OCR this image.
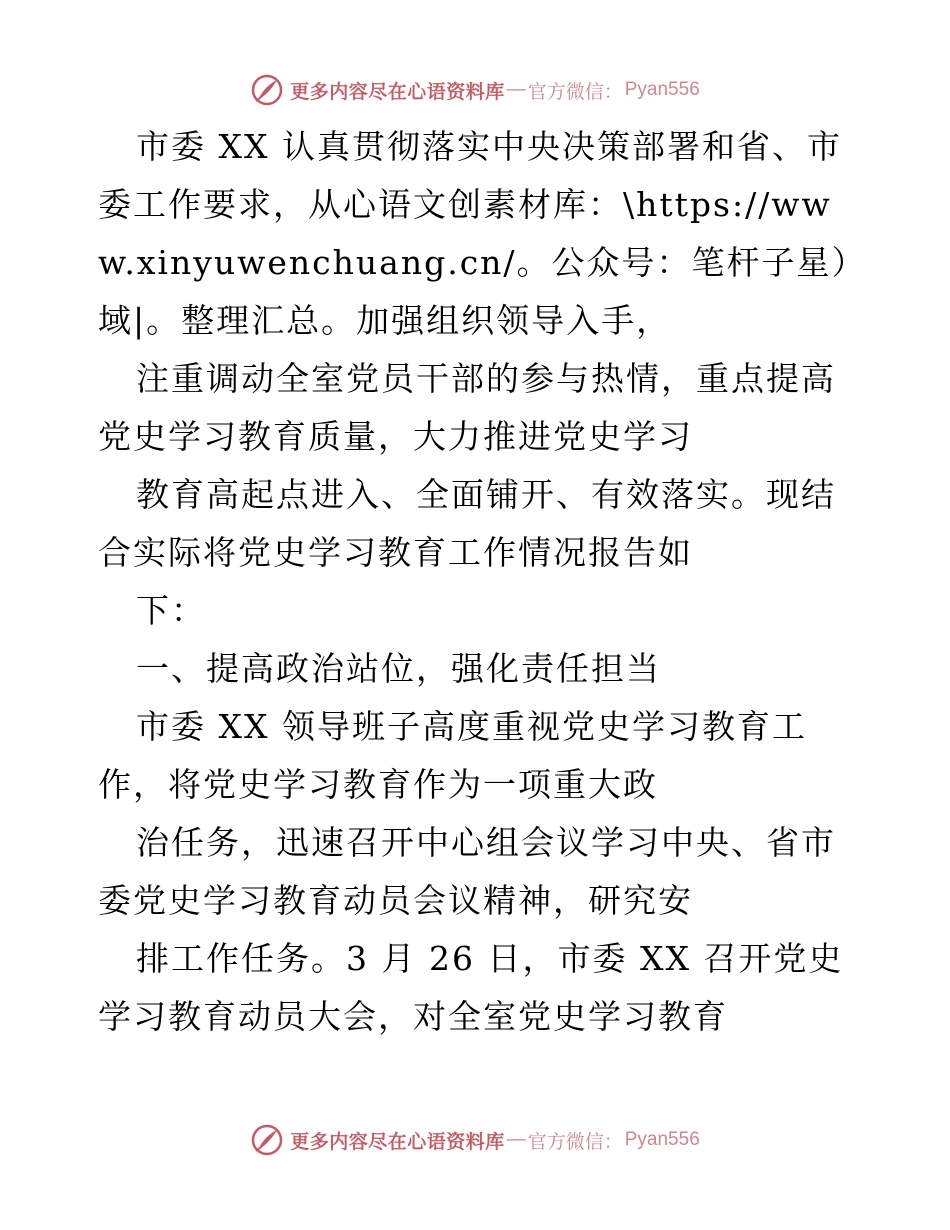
更多内容尽在心语资料库 — 官方微信： Pyan556

市委 XX 认真贯彻落实中央决策部署和省、市委工作要求，从心语文创素材库：\https://www.xinyuwenchuang.cn/。公众号：笔杆子星）域|。整理汇总。加强组织领导入手，

注重调动全室党员干部的参与热情，重点提高党史学习教育质量，大力推进党史学习

教育高起点进入、全面铺开、有效落实。现结合实际将党史学习教育工作情况报告如

下：

一、提高政治站位，强化责任担当

市委 XX 领导班子高度重视党史学习教育工作，将党史学习教育作为一项重大政

治任务，迅速召开中心组会议学习中央、省市委党史学习教育动员会议精神，研究安

排工作任务。3 月 26 日，市委 XX 召开党史学习教育动员大会，对全室党史学习教育

更多内容尽在心语资料库 — 官方微信： Pyan556
